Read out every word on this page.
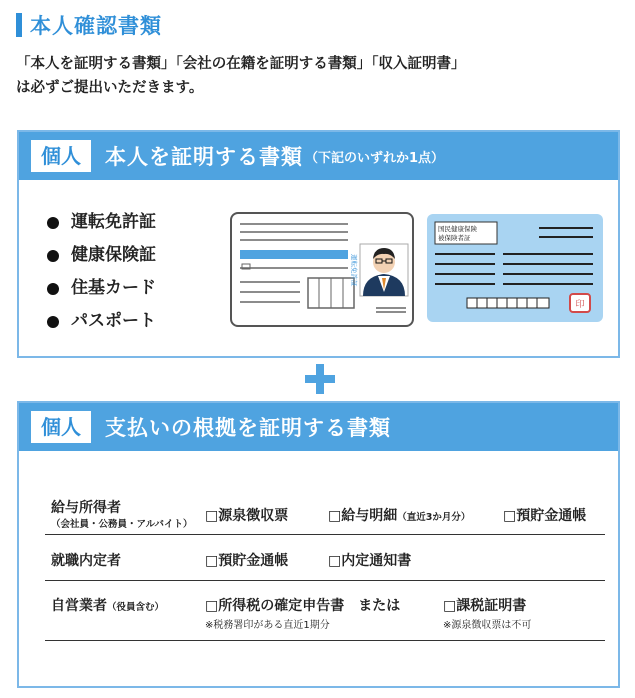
本人確認書類
「本人を証明する書類」「会社の在籍を証明する書類」「収入証明書」
は必ずご提出いただきます。
個人	本人を証明する書類 （下記のいずれか1点）
運転免許証
健康保険証
住基カード
パスポート
運転免許証
国民健康保険
被保険者証
印
個人	支払いの根拠を証明する書類
給与所得者
（会社員・公務員・アルバイト）
□源泉徴収票	□給与明細（直近3か月分） □預貯金通帳
就職内定者	□預貯金通帳	□内定通知書
自営業者（役員含む）	□所得税の確定申告書　または	□課税証明書
※税務署印がある直近1期分	※源泉徴収票は不可
